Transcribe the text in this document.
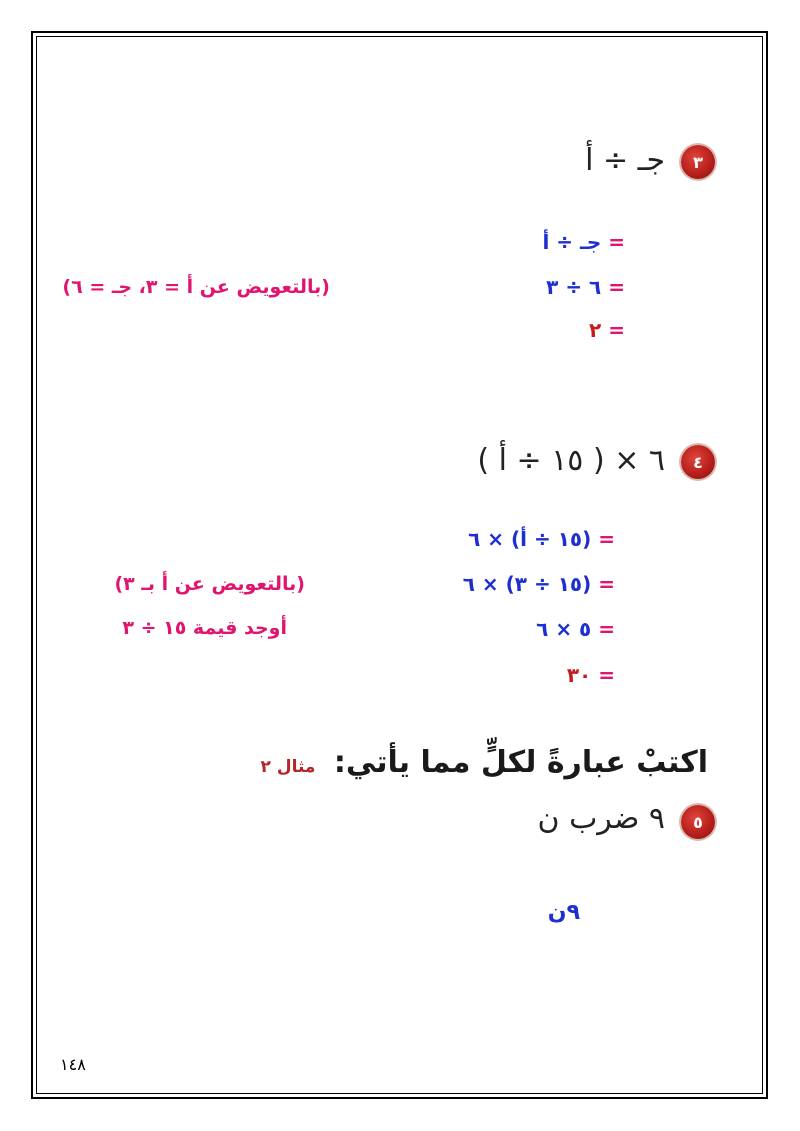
٣
جـ ÷ أ
= جـ ÷ أ
= ٦ ÷ ٣
= ٢
(بالتعويض عن أ = ٣، جـ = ٦)
٤
( ١٥ ÷ أ ) × ٦
= (١٥ ÷ أ) × ٦
= (١٥ ÷ ٣) × ٦
= ٥ × ٦
= ٣٠
(بالتعويض عن أ بـ ٣)
أوجد قيمة ١٥ ÷ ٣
اكتبْ عبارةً لكلٍّ مما يأتي: مثال ٢
٥
٩ ضرب ن
٩ن
١٤٨
